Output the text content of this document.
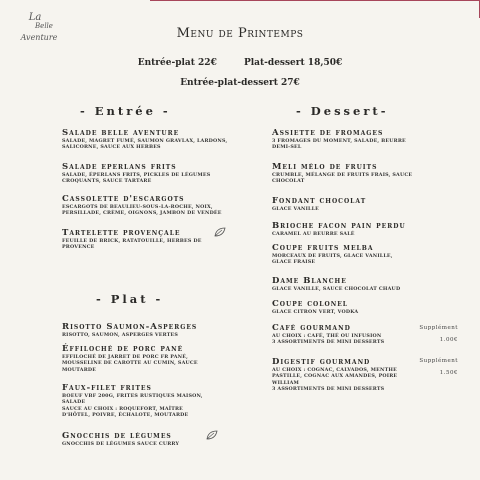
La
Belle
Aventure	Menu de Printemps
Entrée-plat 22€	Plat-dessert 18,50€
Entrée-plat-dessert 27€
- Entrée -	- Dessert-
- Plat -
Salade belle aventure
SALADE, MAGRET FUMÉ, SAUMON GRAVLAX, LARDONS, SALICORNE, SAUCE AUX HERBES
Salade eperlans frits
SALADE, ÉPERLANS FRITS, PICKLES DE LÉGUMES CROQUANTS, SAUCE TARTARE
Cassolette d'escargots
ESCARGOTS DE BEAULIEU-SOUS-LA-ROCHE, NOIX, PERSILLADE, CRÈME, OIGNONS, JAMBON DE VENDÉE
Tartelette provençale
FEUILLE DE BRICK, RATATOUILLE, HERBES DE PROVENCE
Risotto Saumon-Asperges
RISOTTO, SAUMON, ASPERGES VERTES
Éffiloché de porc pané
EFFILOCHÉ DE JARRET DE PORC FR PANÉ, MOUSSELINE DE CAROTTE AU CUMIN, SAUCE MOUTARDE
Faux-filet frites
BOEUF VBF 200G, FRITES RUSTIQUES MAISON, SALADE
SAUCE AU CHOIX : ROQUEFORT, MAÎTRE D'HÔTEL, POIVRE, ÉCHALOTE, MOUTARDE
Gnocchis de légumes
GNOCCHIS DE LÉGUMES SAUCE CURRY
Assiette de fromages
3 FROMAGES DU MOMENT, SALADE, BEURRE DEMI-SEL
Meli mélo de fruits
CRUMBLE, MÉLANGE DE FRUITS FRAIS, SAUCE CHOCOLAT
Fondant chocolat
GLACE VANILLE
Brioche facon pain perdu
CARAMEL AU BEURRE SALÉ
Coupe fruits melba
MORCEAUX DE FRUITS, GLACE VANILLE, GLACE FRAISE
Dame Blanche
GLACE VANILLE, SAUCE CHOCOLAT CHAUD
Coupe colonel
GLACE CITRON VERT, VODKA
Café gourmand
AU CHOIX : CAFÉ, THÉ OU INFUSION
3 ASSORTIMENTS DE MINI DESSERTS
Supplément
1.00€
Digestif gourmand
AU CHOIX : COGNAC, CALVADOS, MENTHE PASTILLE, COGNAC AUX AMANDES, POIRE WILLIAM
3 ASSORTIMENTS DE MINI DESSERTS
Supplément
1.50€
